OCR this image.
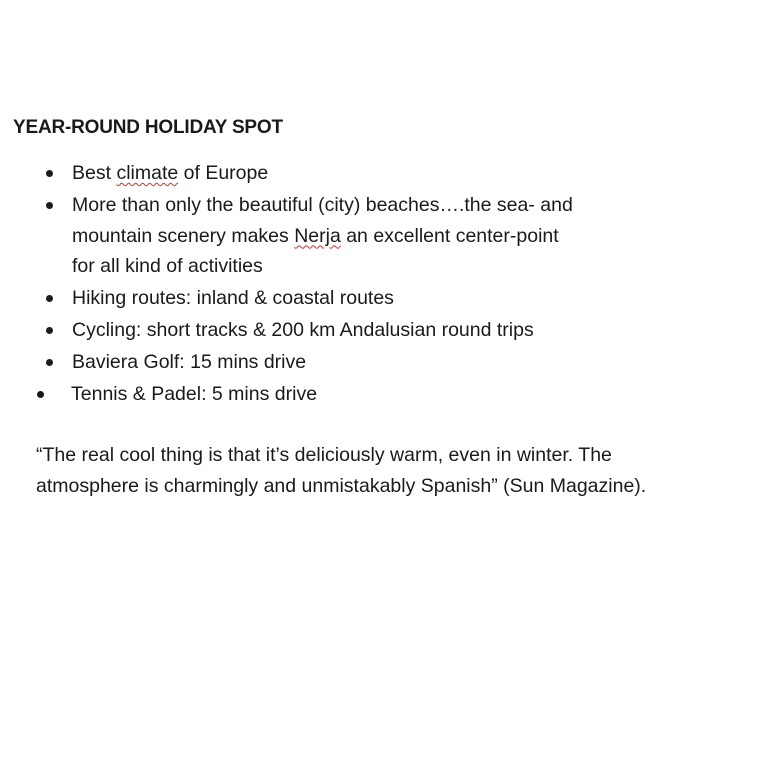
YEAR-ROUND HOLIDAY SPOT
Best climate of Europe
More than only the beautiful (city) beaches….the sea- and
mountain scenery makes Nerja an excellent center-point
for all kind of activities
Hiking routes: inland & coastal routes
Cycling: short tracks & 200 km Andalusian round trips
Baviera Golf: 15 mins drive
Tennis & Padel: 5 mins drive
“The real cool thing is that it’s deliciously warm, even in winter. The
atmosphere is charmingly and unmistakably Spanish” (Sun Magazine).
